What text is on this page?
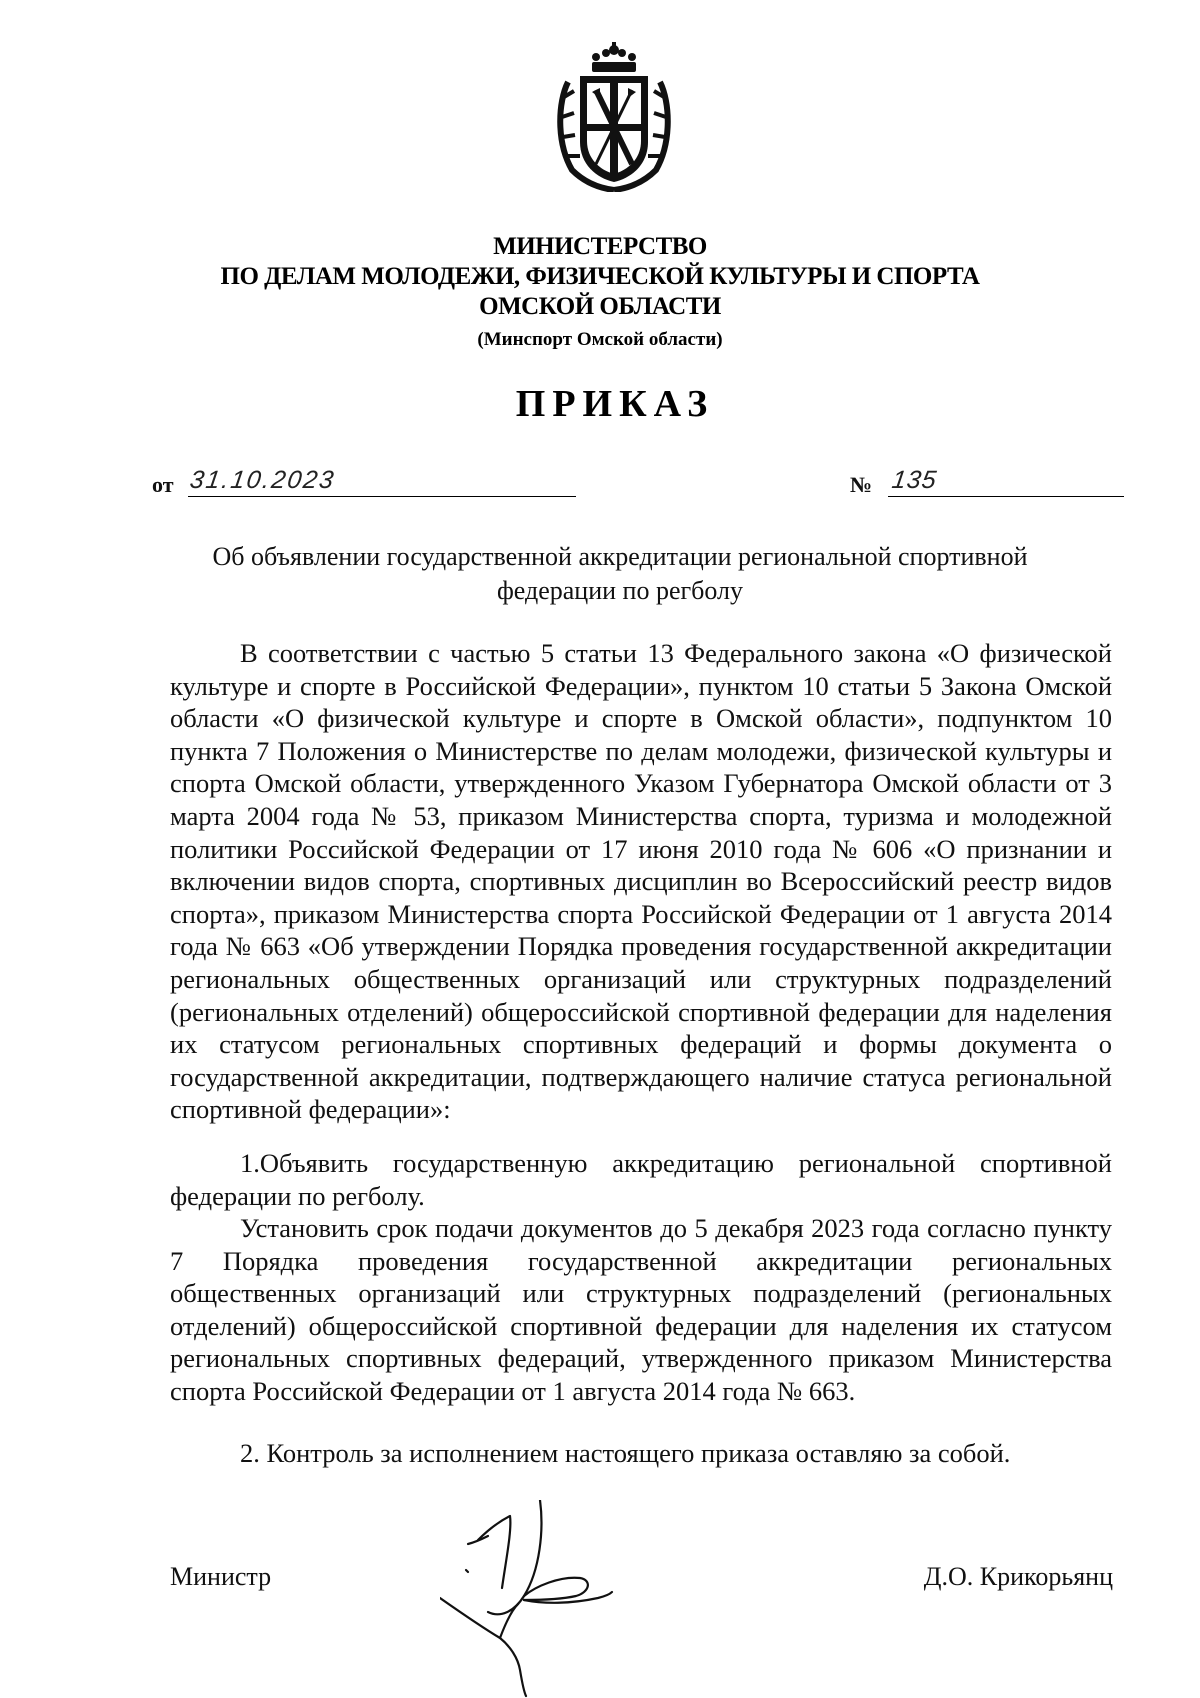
МИНИСТЕРСТВО
ПО ДЕЛАМ МОЛОДЕЖИ, ФИЗИЧЕСКОЙ КУЛЬТУРЫ И СПОРТА
ОМСКОЙ ОБЛАСТИ
(Минспорт Омской области)
ПРИКАЗ
от 31.10.2023	№ 135
Об объявлении государственной аккредитации региональной спортивной федерации по регболу

В соответствии с частью 5 статьи 13 Федерального закона «О физической культуре и спорте в Российской Федерации», пунктом 10 статьи 5 Закона Омской области «О физической культуре и спорте в Омской области», подпунктом 10 пункта 7 Положения о Министерстве по делам молодежи, физической культуры и спорта Омской области, утвержденного Указом Губернатора Омской области от 3 марта 2004 года № 53, приказом Министерства спорта, туризма и молодежной политики Российской Федерации от 17 июня 2010 года № 606 «О признании и включении видов спорта, спортивных дисциплин во Всероссийский реестр видов спорта», приказом Министерства спорта Российской Федерации от 1 августа 2014 года № 663 «Об утверждении Порядка проведения государственной аккредитации региональных общественных организаций или структурных подразделений (региональных отделений) общероссийской спортивной федерации для наделения их статусом региональных спортивных федераций и формы документа о государственной аккредитации, подтверждающего наличие статуса региональной спортивной федерации»:

1.Объявить государственную аккредитацию региональной спортивной федерации по регболу.

Установить срок подачи документов до 5 декабря 2023 года согласно пункту 7 Порядка проведения государственной аккредитации региональных общественных организаций или структурных подразделений (региональных отделений) общероссийской спортивной федерации для наделения их статусом региональных спортивных федераций, утвержденного приказом Министерства спорта Российской Федерации от 1 августа 2014 года № 663.

2. Контроль за исполнением настоящего приказа оставляю за собой.

Министр	Д.О. Крикорьянц
